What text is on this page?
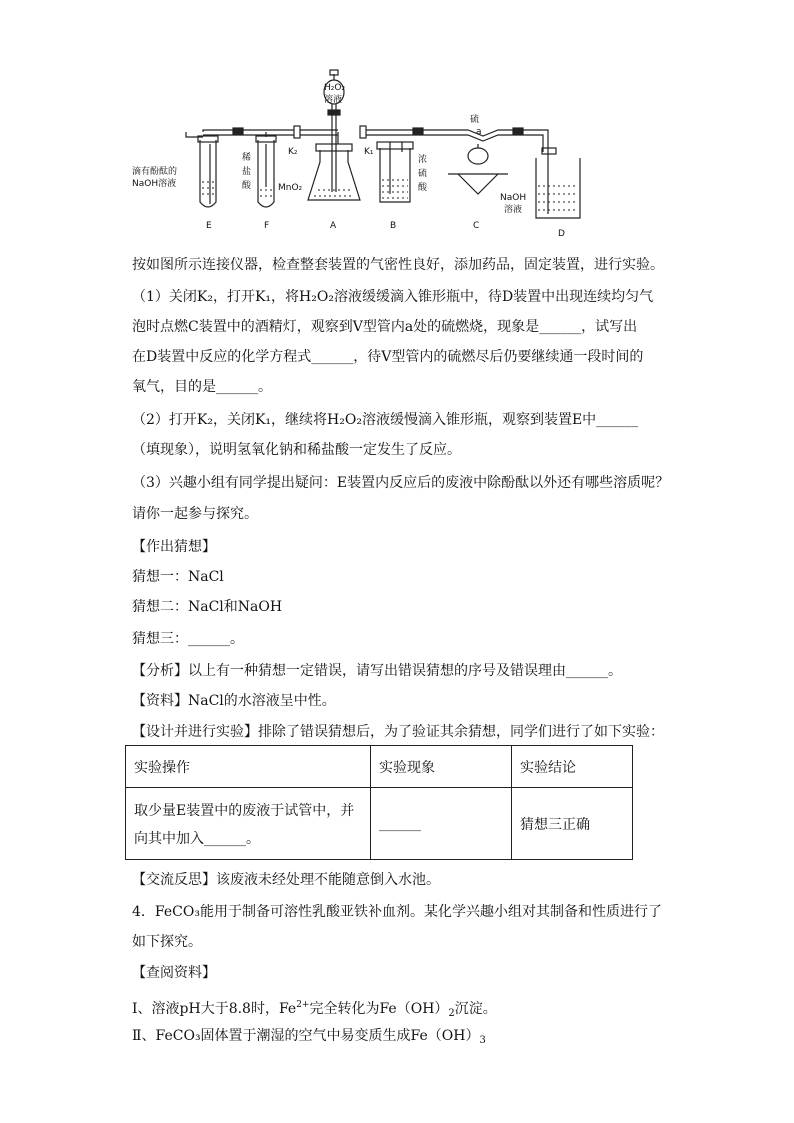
H₂O₂
溶液
K₂	K₁
硫
a
滴有酚酞的
NaOH溶液
稀
盐
酸	MnO₂
浓
硫
酸
NaOH
溶液
E	F	A	B	C
D
按如图所示连接仪器，检查整套装置的气密性良好，添加药品，固定装置，进行实验。
（1）关闭K₂，打开K₁，将H₂O₂溶液缓缓滴入锥形瓶中，待D装置中出现连续均匀气
泡时点燃C装置中的酒精灯，观察到V型管内a处的硫燃烧，现象是______，试写出
在D装置中反应的化学方程式______，待V型管内的硫燃尽后仍要继续通一段时间的
氧气，目的是______。
（2）打开K₂，关闭K₁，继续将H₂O₂溶液缓慢滴入锥形瓶，观察到装置E中______
（填现象），说明氢氧化钠和稀盐酸一定发生了反应。
（3）兴趣小组有同学提出疑问：E装置内反应后的废液中除酚酞以外还有哪些溶质呢？
请你一起参与探究。
【作出猜想】
猜想一：NaCl
猜想二：NaCl和NaOH
猜想三：______。
【分析】以上有一种猜想一定错误，请写出错误猜想的序号及错误理由______。
【资料】NaCl的水溶液呈中性。
【设计并进行实验】排除了错误猜想后，为了验证其余猜想，同学们进行了如下实验：
实验操作	实验现象	实验结论

取少量E装置中的废液于试管中，并
向其中加入______。	______	猜想三正确
【交流反思】该废液未经处理不能随意倒入水池。
4．FeCO₃能用于制备可溶性乳酸亚铁补血剂。某化学兴趣小组对其制备和性质进行了
如下探究。
【查阅资料】
Ⅰ、溶液pH大于8.8时，$Fe^{2+}$完全转化为$Fe(OH)_2$沉淀。
Ⅱ、FeCO₃固体置于潮湿的空气中易变质生成$Fe(OH)_3$
